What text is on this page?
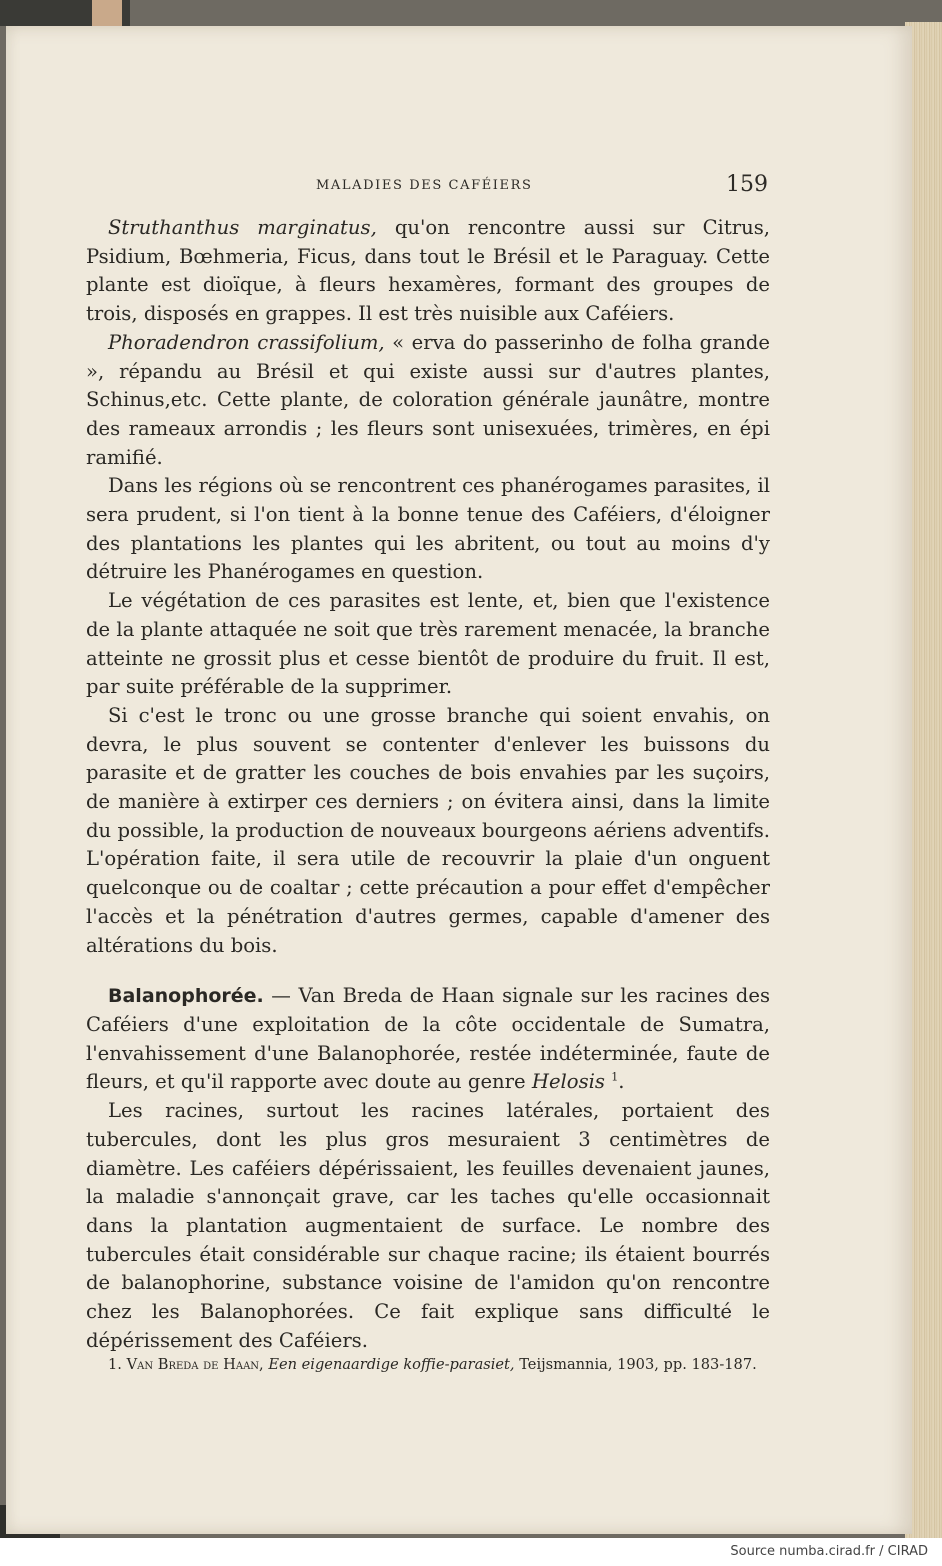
MALADIES DES CAFÉIERS	159

Struthanthus marginatus, qu'on rencontre aussi sur Citrus, Psidium, Bœhmeria, Ficus, dans tout le Brésil et le Paraguay. Cette plante est dioïque, à fleurs hexamères, formant des groupes de trois, disposés en grappes. Il est très nuisible aux Caféiers.

Phoradendron crassifolium, « erva do passerinho de folha grande », répandu au Brésil et qui existe aussi sur d'autres plantes, Schinus,etc. Cette plante, de coloration générale jaunâtre, montre des rameaux arrondis ; les fleurs sont unisexuées, trimères, en épi ramifié.

Dans les régions où se rencontrent ces phanérogames parasites, il sera prudent, si l'on tient à la bonne tenue des Caféiers, d'éloigner des plantations les plantes qui les abritent, ou tout au moins d'y détruire les Phanérogames en question.

Le végétation de ces parasites est lente, et, bien que l'existence de la plante attaquée ne soit que très rarement menacée, la branche atteinte ne grossit plus et cesse bientôt de produire du fruit. Il est, par suite préférable de la supprimer.

Si c'est le tronc ou une grosse branche qui soient envahis, on devra, le plus souvent se contenter d'enlever les buissons du parasite et de gratter les couches de bois envahies par les suçoirs, de manière à extirper ces derniers ; on évitera ainsi, dans la limite du possible, la production de nouveaux bourgeons aériens adventifs. L'opération faite, il sera utile de recouvrir la plaie d'un onguent quelconque ou de coaltar ; cette précaution a pour effet d'empêcher l'accès et la pénétration d'autres germes, capable d'amener des altérations du bois.

Balanophorée. — Van Breda de Haan signale sur les racines des Caféiers d'une exploitation de la côte occidentale de Sumatra, l'envahissement d'une Balanophorée, restée indéterminée, faute de fleurs, et qu'il rapporte avec doute au genre Helosis $^1$.

Les racines, surtout les racines latérales, portaient des tubercules, dont les plus gros mesuraient 3 centimètres de diamètre. Les caféiers dépérissaient, les feuilles devenaient jaunes, la maladie s'annonçait grave, car les taches qu'elle occasionnait dans la plantation augmentaient de surface. Le nombre des tubercules était considérable sur chaque racine; ils étaient bourrés de balanophorine, substance voisine de l'amidon qu'on rencontre chez les Balanophorées. Ce fait explique sans difficulté le dépérissement des Caféiers.

1. Van Breda de Haan, Een eigenaardige koffie-parasiet, Teijsmannia, 1903, pp. 183-187.

Source numba.cirad.fr / CIRAD
